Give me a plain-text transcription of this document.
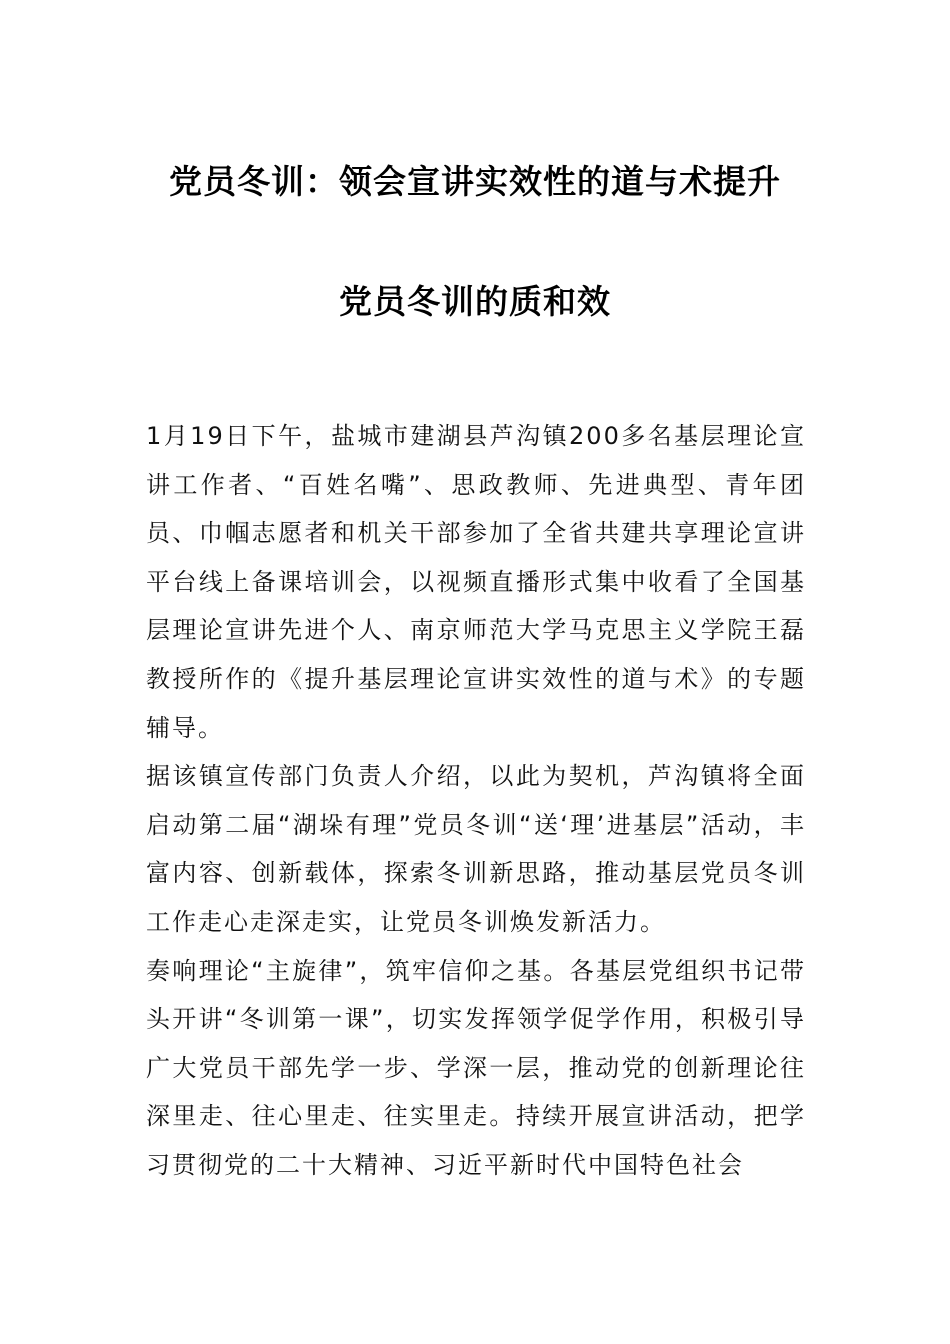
党员冬训：领会宣讲实效性的道与术提升
党员冬训的质和效

1月19日下午，盐城市建湖县芦沟镇200多名基层理论宣讲工作者、“百姓名嘴”、思政教师、先进典型、青年团员、巾帼志愿者和机关干部参加了全省共建共享理论宣讲平台线上备课培训会，以视频直播形式集中收看了全国基层理论宣讲先进个人、南京师范大学马克思主义学院王磊教授所作的《提升基层理论宣讲实效性的道与术》的专题辅导。

据该镇宣传部门负责人介绍，以此为契机，芦沟镇将全面启动第二届“湖垛有理”党员冬训“送‘理’进基层”活动，丰富内容、创新载体，探索冬训新思路，推动基层党员冬训工作走心走深走实，让党员冬训焕发新活力。

奏响理论“主旋律”，筑牢信仰之基。各基层党组织书记带头开讲“冬训第一课”，切实发挥领学促学作用，积极引导广大党员干部先学一步、学深一层，推动党的创新理论往深里走、往心里走、往实里走。持续开展宣讲活动，把学习贯彻党的二十大精神、习近平新时代中国特色社会
